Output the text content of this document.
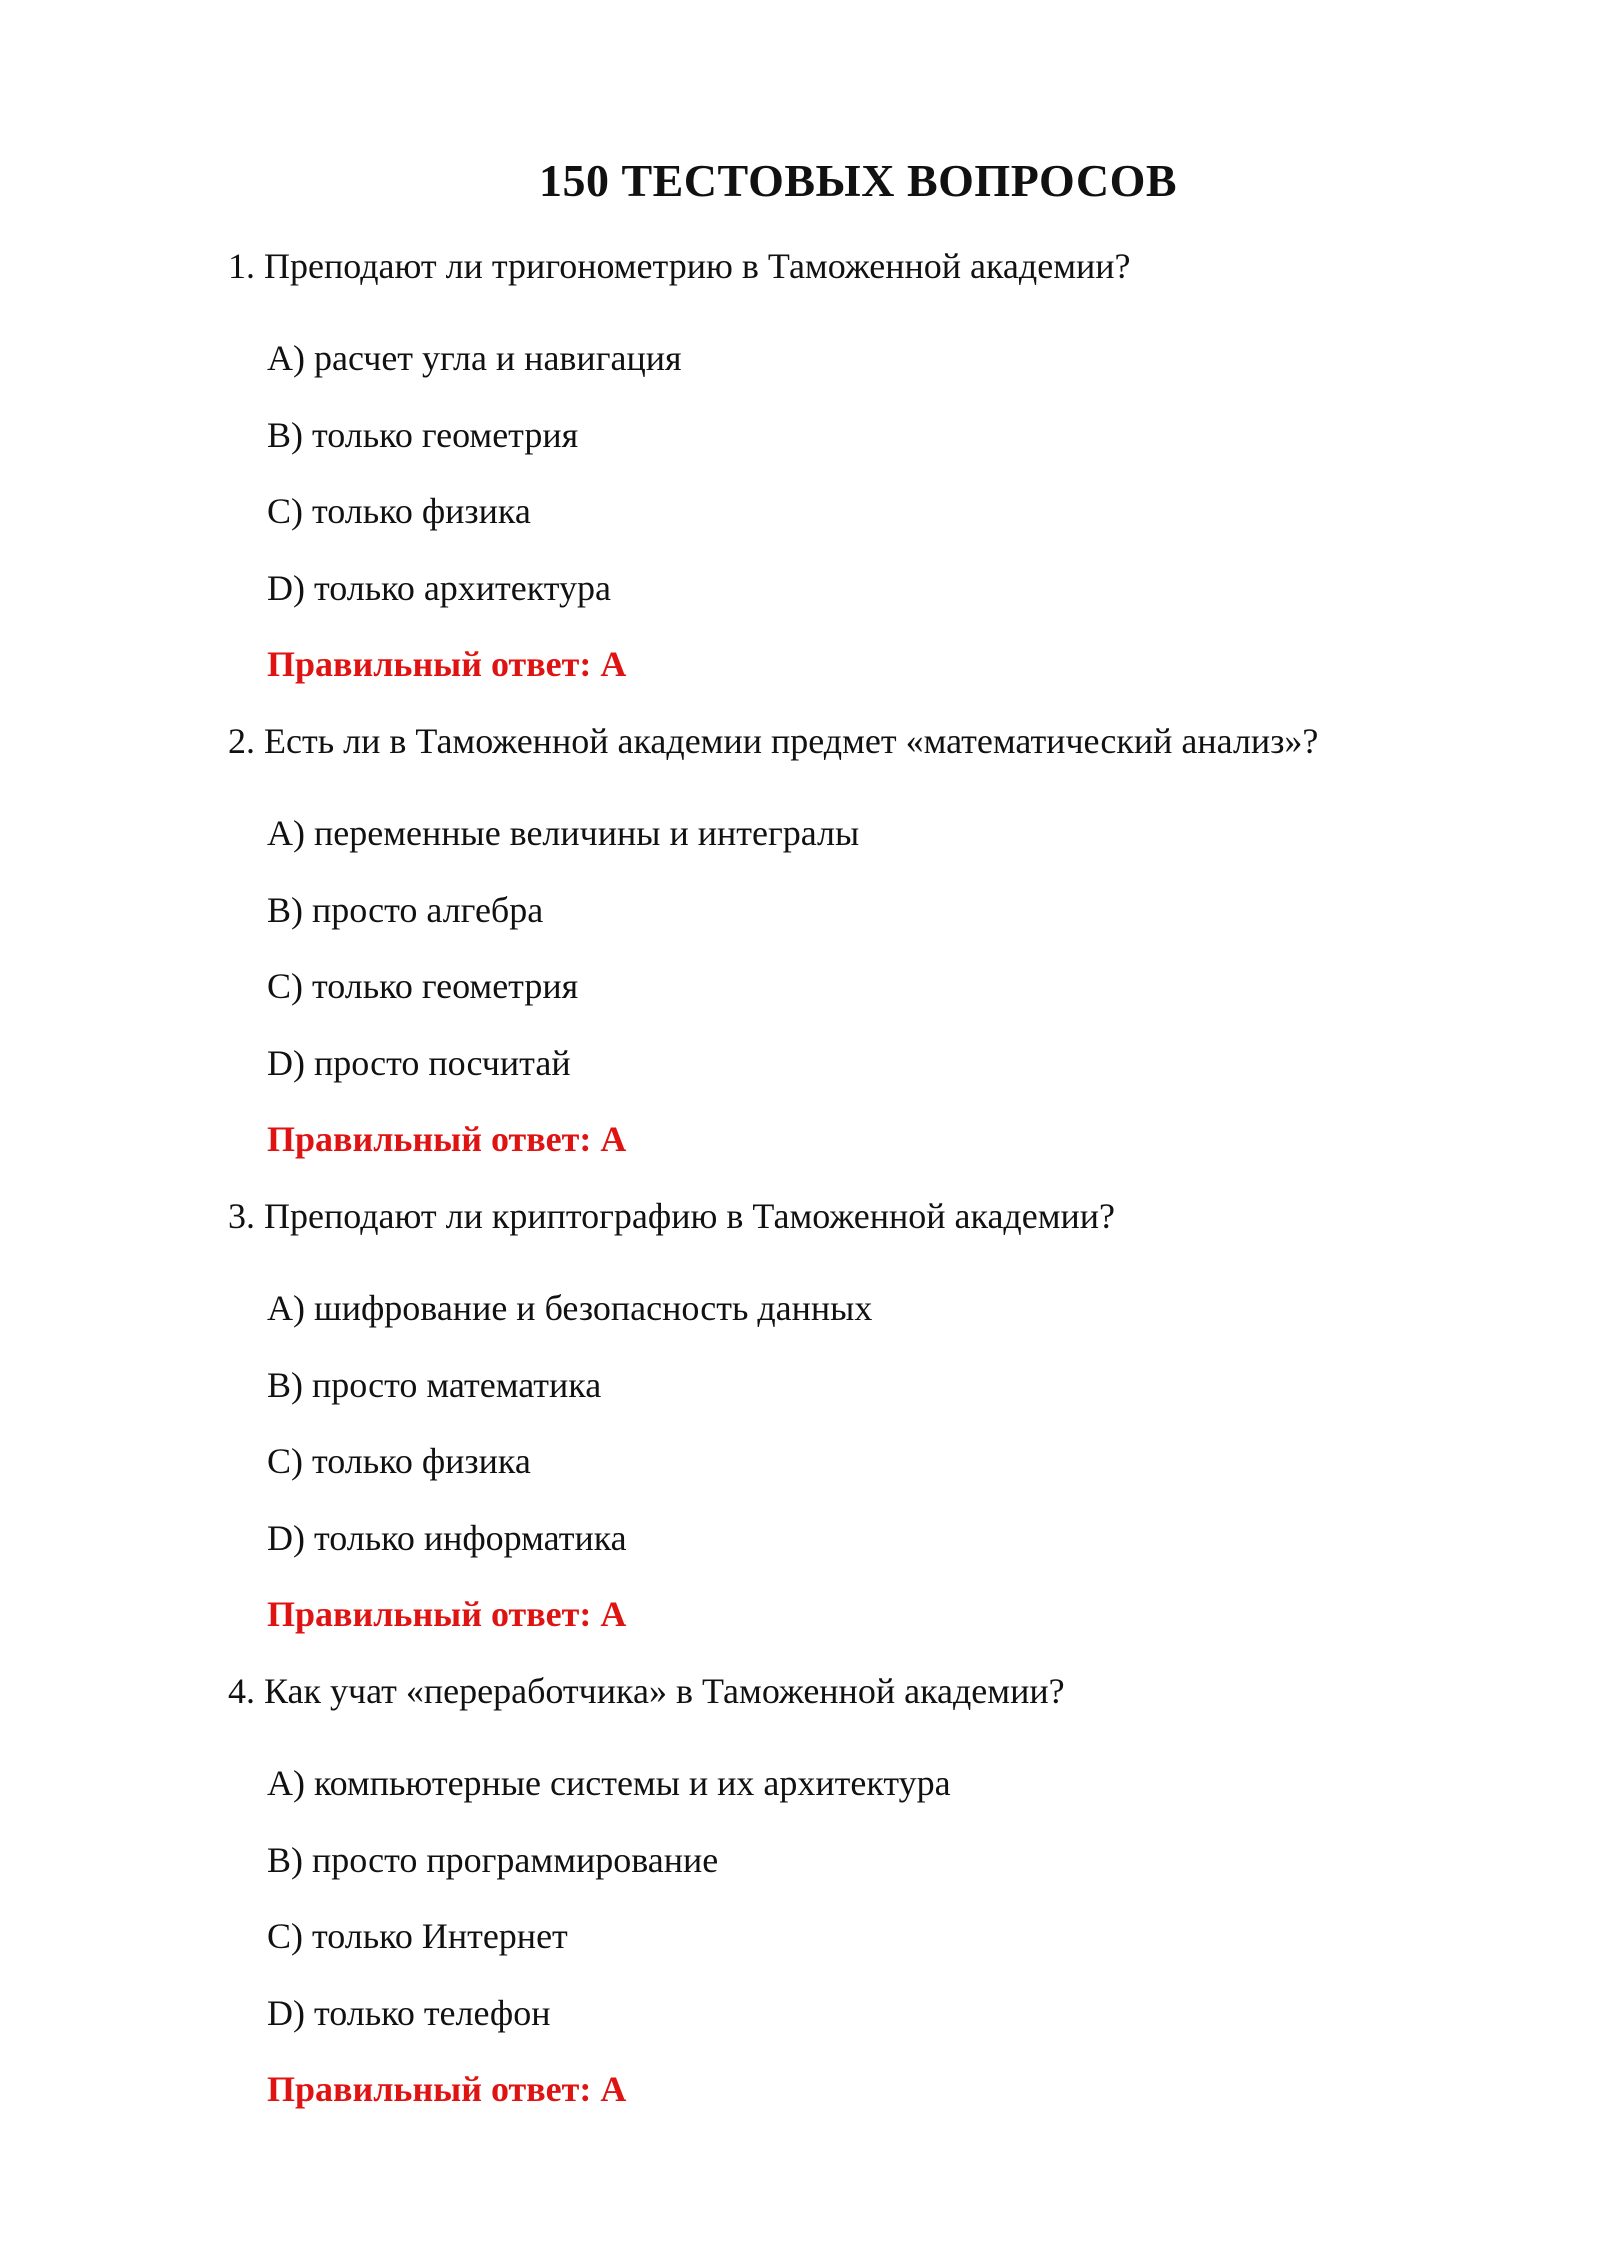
150 ТЕСТОВЫХ ВОПРОСОВ

1. Преподают ли тригонометрию в Таможенной академии?

А) расчет угла и навигация

B) только геометрия

C) только физика

D) только архитектура

Правильный ответ: А

2. Есть ли в Таможенной академии предмет «математический анализ»?

А) переменные величины и интегралы

B) просто алгебра

C) только геометрия

D) просто посчитай

Правильный ответ: А

3. Преподают ли криптографию в Таможенной академии?

А) шифрование и безопасность данных

B) просто математика

C) только физика

D) только информатика

Правильный ответ: А

4. Как учат «переработчика» в Таможенной академии?

А) компьютерные системы и их архитектура

B) просто программирование

C) только Интернет

D) только телефон

Правильный ответ: А
